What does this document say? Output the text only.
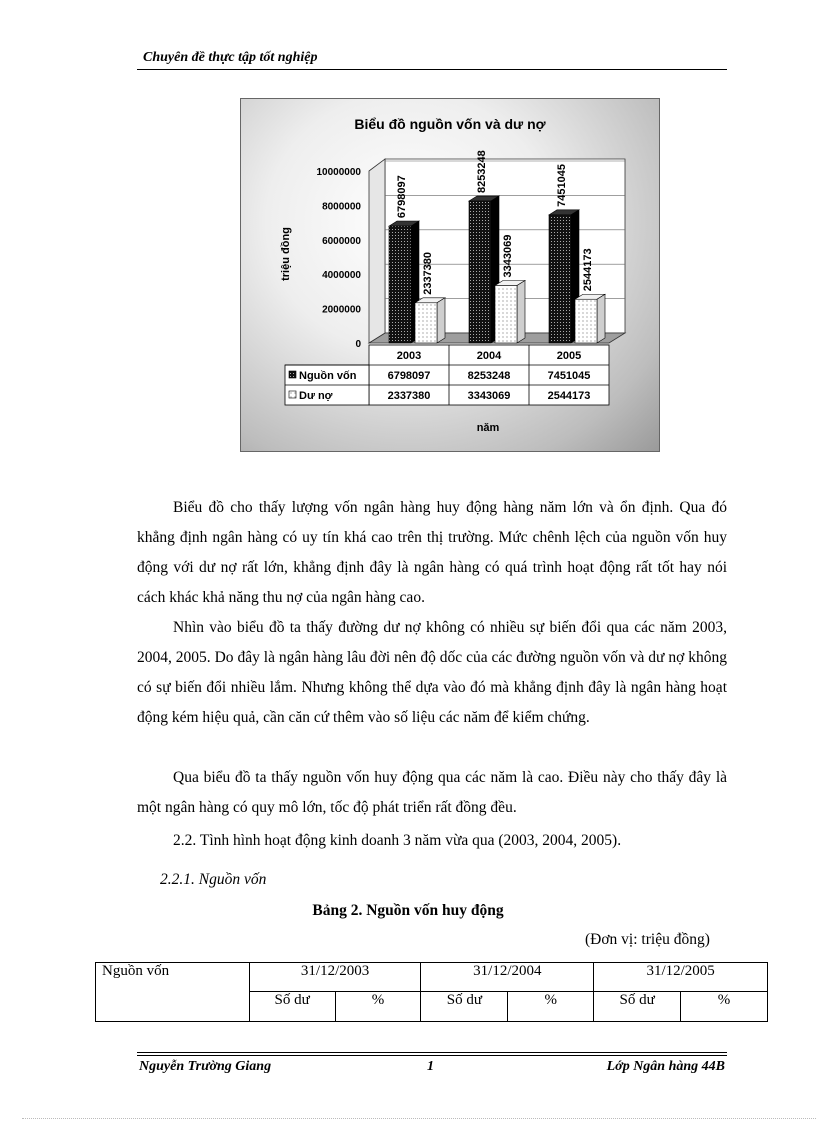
Chuyên đề thực tập tốt nghiệp
Biểu đồ nguồn vốn và dư nợ
triệu đồng
10000000
8000000
6000000
4000000
2000000
0
6798097
2337380
8253248
3343069
7451045
2544173
2003	2004	2005
Nguồn vốn	6798097	8253248	7451045
Dư nợ	2337380	3343069	2544173
năm
Biểu đồ cho thấy lượng vốn ngân hàng huy động hàng năm lớn và ổn định. Qua đó khẳng định ngân hàng có uy tín khá cao trên thị trường. Mức chênh lệch của nguồn vốn huy động với dư nợ rất lớn, khẳng định đây là ngân hàng có quá trình hoạt động rất tốt hay nói cách khác khả năng thu nợ của ngân hàng cao.
Nhìn vào biểu đồ ta thấy đường dư nợ không có nhiều sự biến đổi qua các năm 2003, 2004, 2005. Do đây là ngân hàng lâu đời nên độ dốc của các đường nguồn vốn và dư nợ không có sự biến đổi nhiều lắm. Nhưng không thể dựa vào đó mà khẳng định đây là ngân hàng hoạt động kém hiệu quả, cần căn cứ thêm vào số liệu các năm để kiểm chứng.
Qua biểu đồ ta thấy nguồn vốn huy động qua các năm là cao. Điều này cho thấy đây là một ngân hàng có quy mô lớn, tốc độ phát triển rất đồng đều.
2.2. Tình hình hoạt động kinh doanh 3 năm vừa qua (2003, 2004, 2005).
2.2.1. Nguồn vốn
Bảng 2. Nguồn vốn huy động
(Đơn vị: triệu đồng)
Nguồn vốn	31/12/2003		31/12/2004		31/12/2005	
	Số dư	%	Số dư	%	Số dư	%
Nguyễn Trường Giang	1	Lớp Ngân hàng 44B
